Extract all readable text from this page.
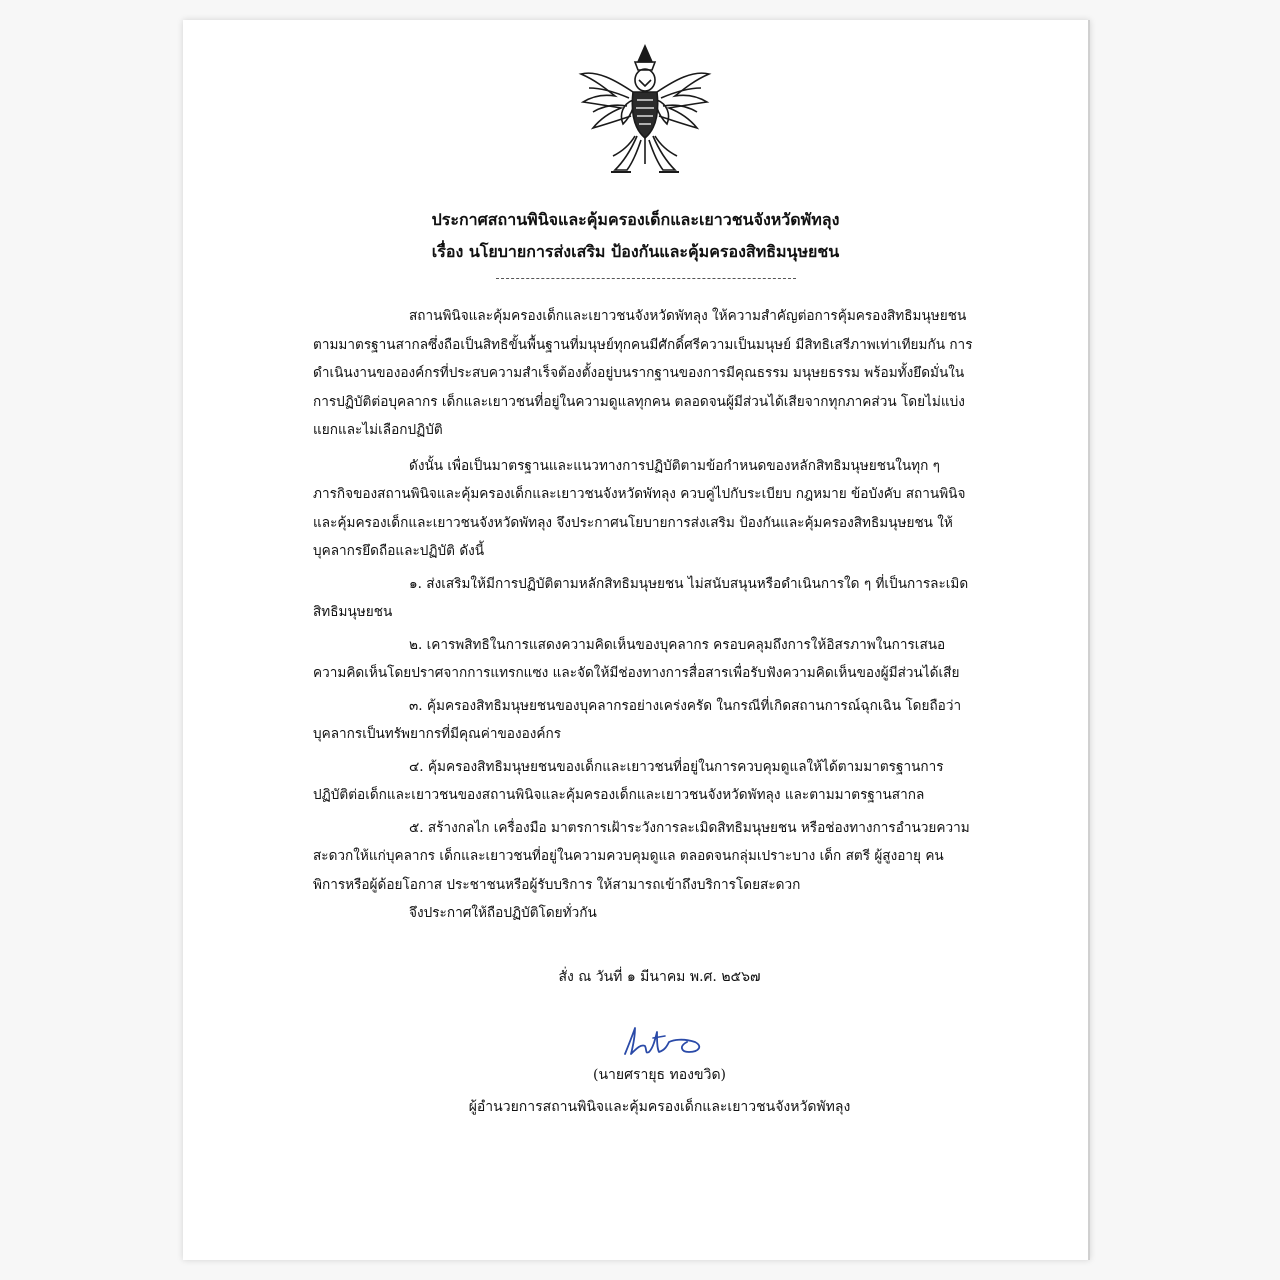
ประกาศสถานพินิจและคุ้มครองเด็กและเยาวชนจังหวัดพัทลุง
เรื่อง นโยบายการส่งเสริม ป้องกันและคุ้มครองสิทธิมนุษยชน

สถานพินิจและคุ้มครองเด็กและเยาวชนจังหวัดพัทลุง ให้ความสำคัญต่อการคุ้มครองสิทธิมนุษยชนตามมาตรฐานสากลซึ่งถือเป็นสิทธิขั้นพื้นฐานที่มนุษย์ทุกคนมีศักดิ์ศรีความเป็นมนุษย์ มีสิทธิเสรีภาพเท่าเทียมกัน การดำเนินงานขององค์กรที่ประสบความสำเร็จต้องตั้งอยู่บนรากฐานของการมีคุณธรรม มนุษยธรรม พร้อมทั้งยึดมั่นในการปฏิบัติต่อบุคลากร เด็กและเยาวชนที่อยู่ในความดูแลทุกคน ตลอดจนผู้มีส่วนได้เสียจากทุกภาคส่วน โดยไม่แบ่งแยกและไม่เลือกปฏิบัติ

ดังนั้น เพื่อเป็นมาตรฐานและแนวทางการปฏิบัติตามข้อกำหนดของหลักสิทธิมนุษยชนในทุก ๆ ภารกิจของสถานพินิจและคุ้มครองเด็กและเยาวชนจังหวัดพัทลุง ควบคู่ไปกับระเบียบ กฎหมาย ข้อบังคับ สถานพินิจและคุ้มครองเด็กและเยาวชนจังหวัดพัทลุง จึงประกาศนโยบายการส่งเสริม ป้องกันและคุ้มครองสิทธิมนุษยชน ให้บุคลากรยึดถือและปฏิบัติ ดังนี้

๑. ส่งเสริมให้มีการปฏิบัติตามหลักสิทธิมนุษยชน ไม่สนับสนุนหรือดำเนินการใด ๆ ที่เป็นการละเมิดสิทธิมนุษยชน

๒. เคารพสิทธิในการแสดงความคิดเห็นของบุคลากร ครอบคลุมถึงการให้อิสรภาพในการเสนอความคิดเห็นโดยปราศจากการแทรกแซง และจัดให้มีช่องทางการสื่อสารเพื่อรับฟังความคิดเห็นของผู้มีส่วนได้เสีย

๓. คุ้มครองสิทธิมนุษยชนของบุคลากรอย่างเคร่งครัด ในกรณีที่เกิดสถานการณ์ฉุกเฉิน โดยถือว่าบุคลากรเป็นทรัพยากรที่มีคุณค่าขององค์กร

๔. คุ้มครองสิทธิมนุษยชนของเด็กและเยาวชนที่อยู่ในการควบคุมดูแลให้ได้ตามมาตรฐานการปฏิบัติต่อเด็กและเยาวชนของสถานพินิจและคุ้มครองเด็กและเยาวชนจังหวัดพัทลุง และตามมาตรฐานสากล

๕. สร้างกลไก เครื่องมือ มาตรการเฝ้าระวังการละเมิดสิทธิมนุษยชน หรือช่องทางการอำนวยความสะดวกให้แก่บุคลากร เด็กและเยาวชนที่อยู่ในความควบคุมดูแล ตลอดจนกลุ่มเปราะบาง เด็ก สตรี ผู้สูงอายุ คนพิการหรือผู้ด้อยโอกาส ประชาชนหรือผู้รับบริการ ให้สามารถเข้าถึงบริการโดยสะดวก

จึงประกาศให้ถือปฏิบัติโดยทั่วกัน

สั่ง ณ วันที่ ๑ มีนาคม พ.ศ. ๒๕๖๗
(นายศรายุธ ทองขวิด)
ผู้อำนวยการสถานพินิจและคุ้มครองเด็กและเยาวชนจังหวัดพัทลุง
